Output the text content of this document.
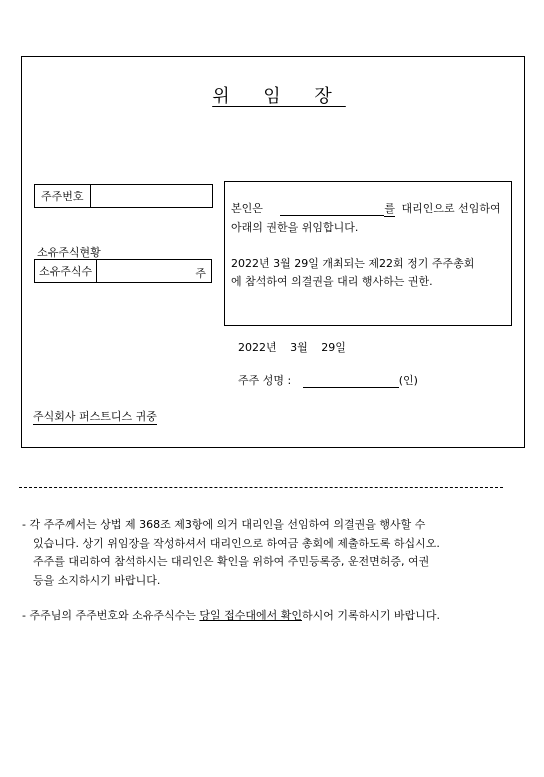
위 임 장
주주번호
소유주식현황
소유주식수	주
본인은	를 대리인으로 선임하여
아래의 권한을 위임합니다.
2022년 3월 29일 개최되는 제22회 정기 주주총회
에 참석하여 의결권을 대리 행사하는 권한.
2022년 3월 29일
주주 성명 :	(인)
주식회사 퍼스트디스 귀중
- 각 주주께서는 상법 제 368조 제3항에 의거 대리인을 선임하여 의결권을 행사할 수
있습니다. 상기 위임장을 작성하셔서 대리인으로 하여금 총회에 제출하도록 하십시오.
주주를 대리하여 참석하시는 대리인은 확인을 위하여 주민등록증, 운전면허증, 여권
등을 소지하시기 바랍니다.
- 주주님의 주주번호와 소유주식수는 당일 접수대에서 확인하시어 기록하시기 바랍니다.
